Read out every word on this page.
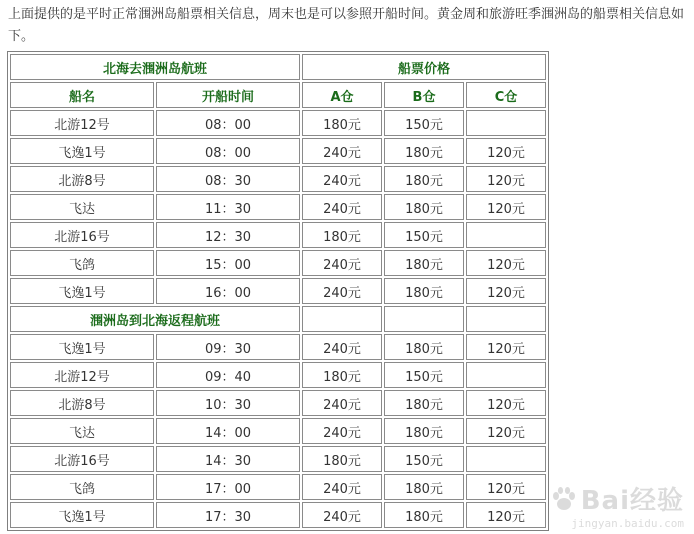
上面提供的是平时正常涠洲岛船票相关信息，周末也是可以参照开船时间。黄金周和旅游旺季涠洲岛的船票相关信息如下。
北海去涠洲岛航班		船票价格		
船名	开船时间	A仓	B仓	C仓
北游12号	08：00	180元	150元	
飞逸1号	08：00	240元	180元	120元
北游8号	08：30	240元	180元	120元
飞达	11：30	240元	180元	120元
北游16号	12：30	180元	150元	
飞鸽	15：00	240元	180元	120元
飞逸1号	16：00	240元	180元	120元
涠洲岛到北海返程航班				
飞逸1号	09：30	240元	180元	120元
北游12号	09：40	180元	150元	
北游8号	10：30	240元	180元	120元
飞达	14：00	240元	180元	120元
北游16号	14：30	180元	150元	
飞鸽	17：00	240元	180元	120元
飞逸1号	17：30	240元	180元	120元
Bai经验
jingyan.baidu.com
